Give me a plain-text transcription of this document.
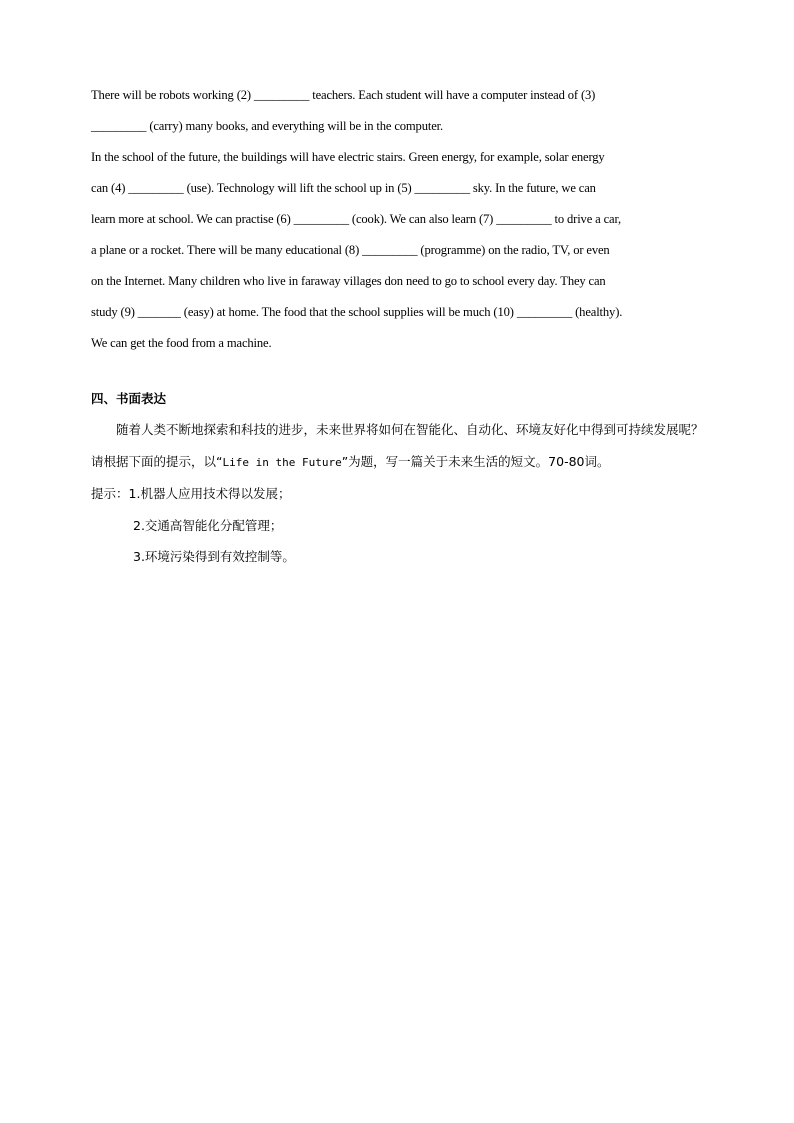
There will be robots working (2) _________ teachers. Each student will have a computer instead of (3)

_________ (carry) many books, and everything will be in the computer.

In the school of the future, the buildings will have electric stairs. Green energy, for example, solar energy

can (4) _________ (use). Technology will lift the school up in (5) _________ sky. In the future, we can

learn more at school. We can practise (6) _________ (cook). We can also learn (7) _________ to drive a car,

a plane or a rocket. There will be many educational (8) _________ (programme) on the radio, TV, or even

on the Internet. Many children who live in faraway villages don need to go to school every day. They can

study (9) _______ (easy) at home. The food that the school supplies will be much (10) _________ (healthy).

We can get the food from a machine.

四、书面表达

随着人类不断地探索和科技的进步，未来世界将如何在智能化、自动化、环境友好化中得到可持续发展呢？请根据下面的提示，以“Life in the Future”为题，写一篇关于未来生活的短文。70-80词。

提示：1.机器人应用技术得以发展；

2.交通高智能化分配管理；

3.环境污染得到有效控制等。
